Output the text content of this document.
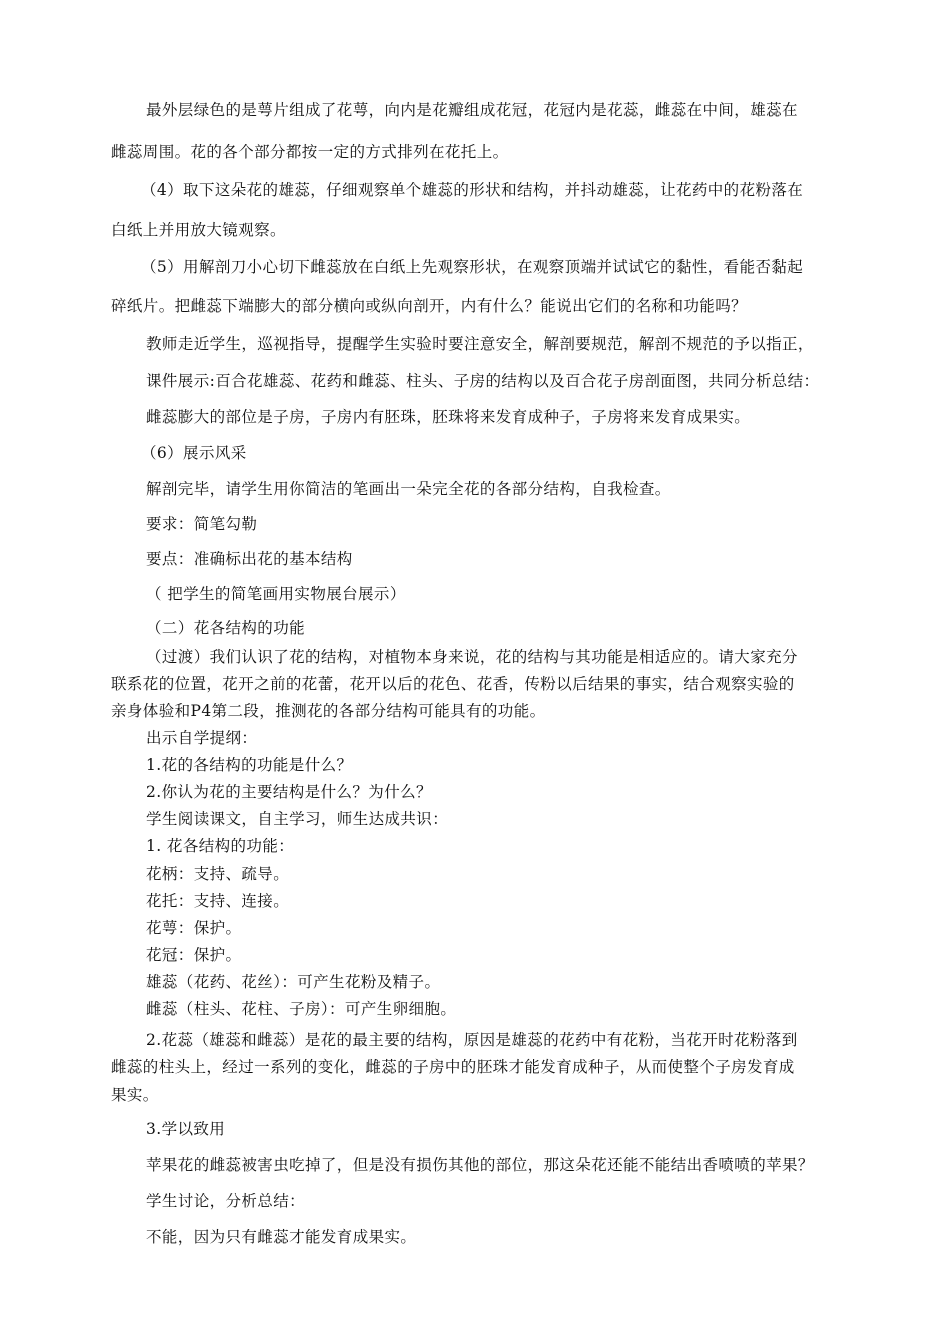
最外层绿色的是萼片组成了花萼，向内是花瓣组成花冠，花冠内是花蕊，雌蕊在中间，雄蕊在
雌蕊周围。花的各个部分都按一定的方式排列在花托上。
（4）取下这朵花的雄蕊，仔细观察单个雄蕊的形状和结构，并抖动雄蕊，让花药中的花粉落在
白纸上并用放大镜观察。
（5）用解剖刀小心切下雌蕊放在白纸上先观察形状，在观察顶端并试试它的黏性，看能否黏起
碎纸片。把雌蕊下端膨大的部分横向或纵向剖开，内有什么？能说出它们的名称和功能吗？
教师走近学生，巡视指导，提醒学生实验时要注意安全，解剖要规范，解剖不规范的予以指正，
课件展示:百合花雄蕊、花药和雌蕊、柱头、子房的结构以及百合花子房剖面图，共同分析总结：
雌蕊膨大的部位是子房，子房内有胚珠，胚珠将来发育成种子，子房将来发育成果实。
（6）展示风采
解剖完毕，请学生用你简洁的笔画出一朵完全花的各部分结构，自我检查。
要求：简笔勾勒
要点：准确标出花的基本结构
（ 把学生的简笔画用实物展台展示）
（二）花各结构的功能
（过渡）我们认识了花的结构，对植物本身来说，花的结构与其功能是相适应的。请大家充分
联系花的位置，花开之前的花蕾，花开以后的花色、花香，传粉以后结果的事实，结合观察实验的
亲身体验和P4第二段，推测花的各部分结构可能具有的功能。
出示自学提纲：
1.花的各结构的功能是什么？
2.你认为花的主要结构是什么？为什么？
学生阅读课文，自主学习，师生达成共识：
1. 花各结构的功能：
花柄：支持、疏导。
花托：支持、连接。
花萼：保护。
花冠：保护。
雄蕊（花药、花丝）：可产生花粉及精子。
雌蕊（柱头、花柱、子房）：可产生卵细胞。
2.花蕊（雄蕊和雌蕊）是花的最主要的结构，原因是雄蕊的花药中有花粉，当花开时花粉落到
雌蕊的柱头上，经过一系列的变化，雌蕊的子房中的胚珠才能发育成种子，从而使整个子房发育成
果实。
3.学以致用
苹果花的雌蕊被害虫吃掉了，但是没有损伤其他的部位，那这朵花还能不能结出香喷喷的苹果？
学生讨论，分析总结：
不能，因为只有雌蕊才能发育成果实。
